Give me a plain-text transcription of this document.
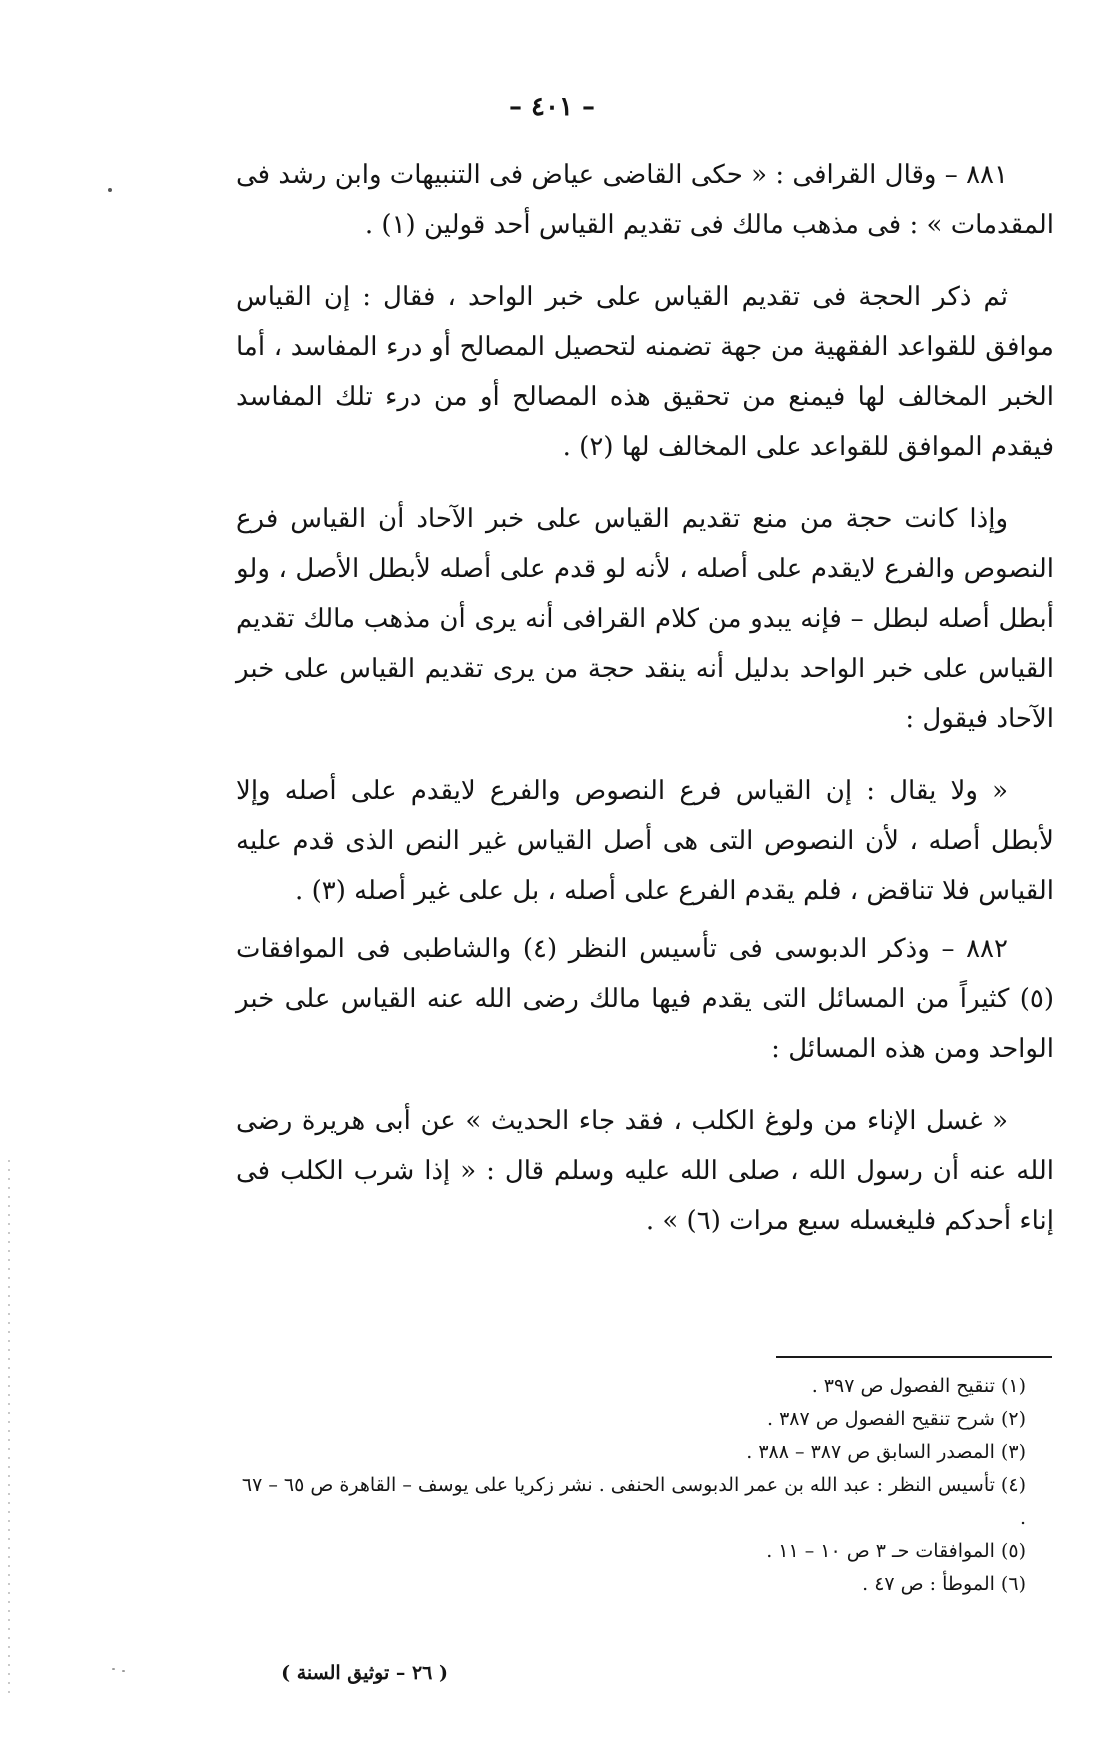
– ٤٠١ –

٨٨١ – وقال القرافى : « حكى القاضى عياض فى التنبيهات وابن رشد فى المقدمات » : فى مذهب مالك فى تقديم القياس أحد قولين (١) .

ثم ذكر الحجة فى تقديم القياس على خبر الواحد ، فقال : إن القياس موافق للقواعد الفقهية من جهة تضمنه لتحصيل المصالح أو درء المفاسد ، أما الخبر المخالف لها فيمنع من تحقيق هذه المصالح أو من درء تلك المفاسد فيقدم الموافق للقواعد على المخالف لها (٢) .

وإذا كانت حجة من منع تقديم القياس على خبر الآحاد أن القياس فرع النصوص والفرع لايقدم على أصله ، لأنه لو قدم على أصله لأبطل الأصل ، ولو أبطل أصله لبطل – فإنه يبدو من كلام القرافى أنه يرى أن مذهب مالك تقديم القياس على خبر الواحد بدليل أنه ينقد حجة من يرى تقديم القياس على خبر الآحاد فيقول :

« ولا يقال : إن القياس فرع النصوص والفرع لايقدم على أصله وإلا لأبطل أصله ، لأن النصوص التى هى أصل القياس غير النص الذى قدم عليه القياس فلا تناقض ، فلم يقدم الفرع على أصله ، بل على غير أصله (٣) .

٨٨٢ – وذكر الدبوسى فى تأسيس النظر (٤) والشاطبى فى الموافقات (٥) كثيراً من المسائل التى يقدم فيها مالك رضى الله عنه القياس على خبر الواحد ومن هذه المسائل :

« غسل الإناء من ولوغ الكلب ، فقد جاء الحديث » عن أبى هريرة رضى الله عنه أن رسول الله ، صلى الله عليه وسلم قال : « إذا شرب الكلب فى إناء أحدكم فليغسله سبع مرات (٦) » .

(١) تنقيح الفصول ص ٣٩٧ .
(٢) شرح تنقيح الفصول ص ٣٨٧ .
(٣) المصدر السابق ص ٣٨٧ – ٣٨٨ .
(٤) تأسيس النظر : عبد الله بن عمر الدبوسى الحنفى . نشر زكريا على يوسف – القاهرة ص ٦٥ – ٦٧ .
(٥) الموافقات حـ ٣ ص ١٠ – ١١ .
(٦) الموطأ : ص ٤٧ .
( ٢٦ – توثيق السنة )
